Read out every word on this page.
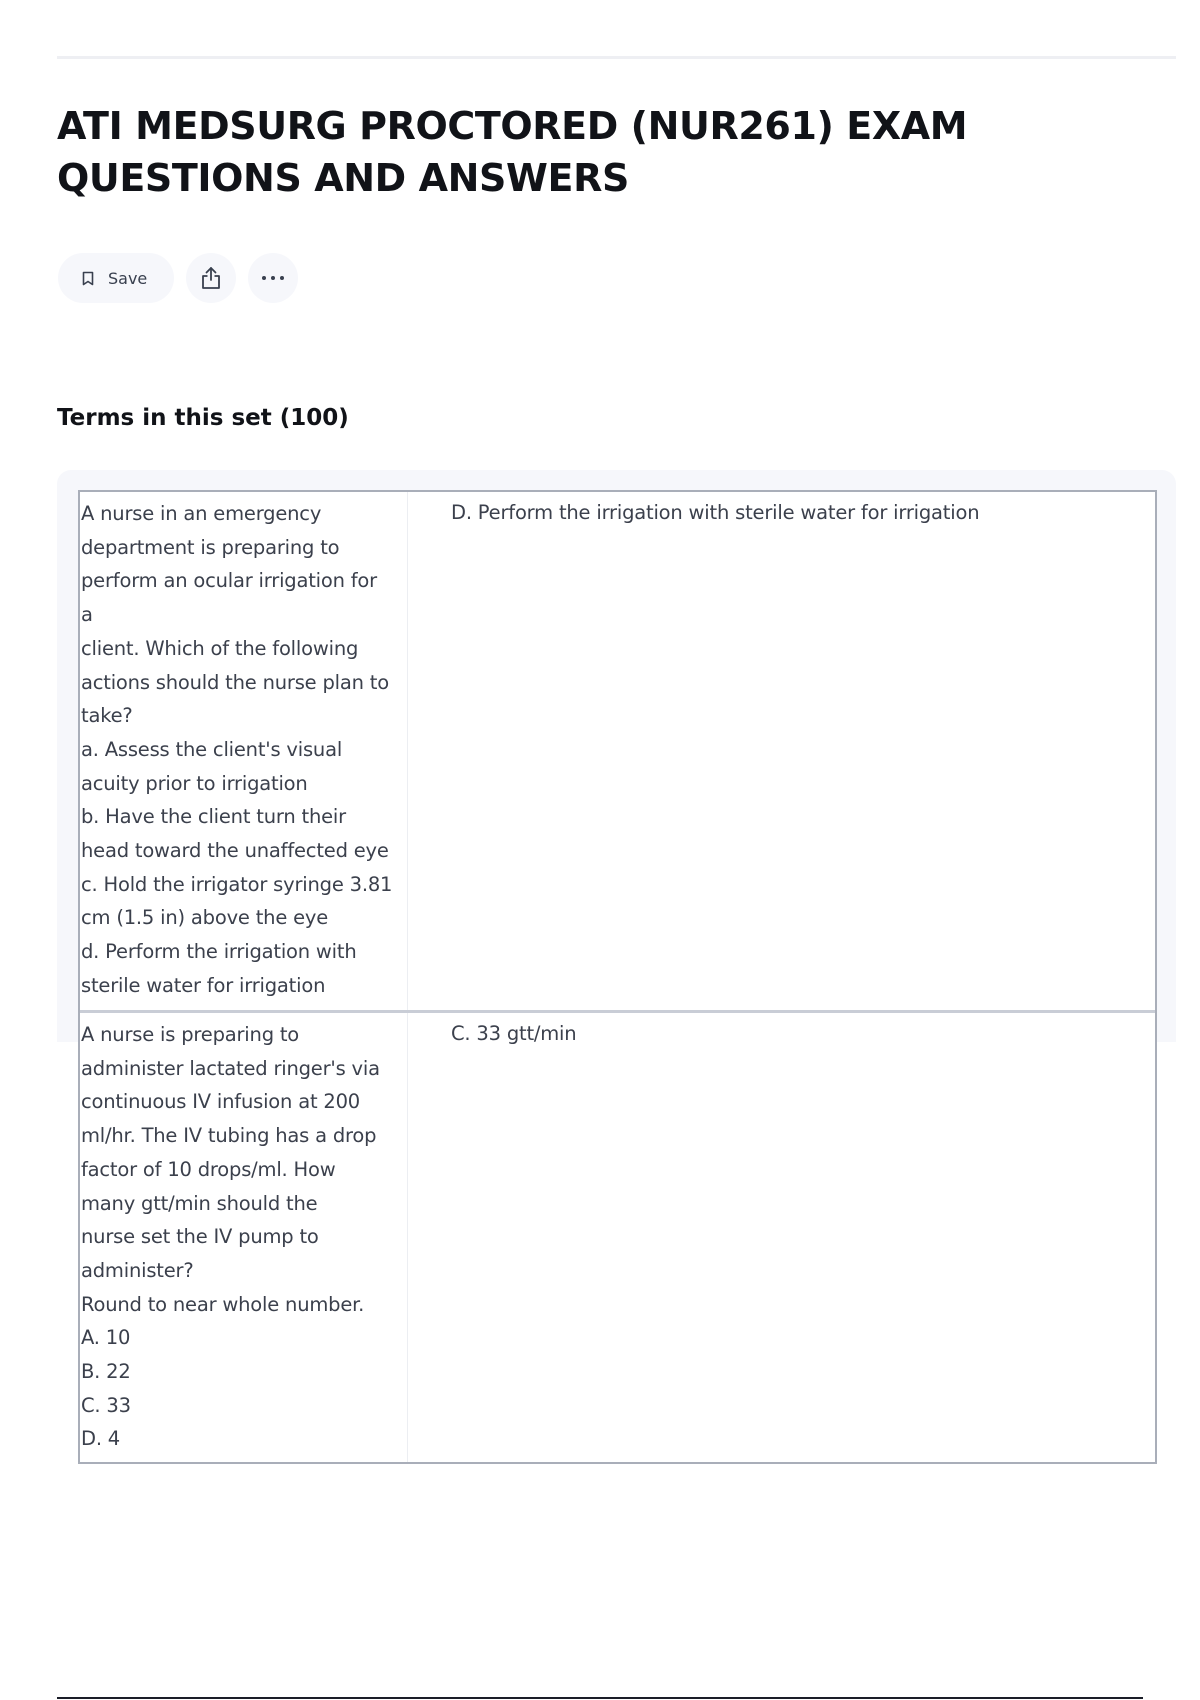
ATI MEDSURG PROCTORED (NUR261) EXAM QUESTIONS AND ANSWERS
Save
Terms in this set (100)
A nurse in an emergency
department is preparing to
perform an ocular irrigation for
a
client. Which of the following
actions should the nurse plan to
take?
a. Assess the client's visual
acuity prior to irrigation
b. Have the client turn their
head toward the unaffected eye
c. Hold the irrigator syringe 3.81
cm (1.5 in) above the eye
d. Perform the irrigation with
sterile water for irrigation
D. Perform the irrigation with sterile water for irrigation
A nurse is preparing to
administer lactated ringer's via
continuous IV infusion at 200
ml/hr. The IV tubing has a drop
factor of 10 drops/ml. How
many gtt/min should the
nurse set the IV pump to
administer?
Round to near whole number.
A. 10
B. 22
C. 33
D. 4
C. 33 gtt/min
